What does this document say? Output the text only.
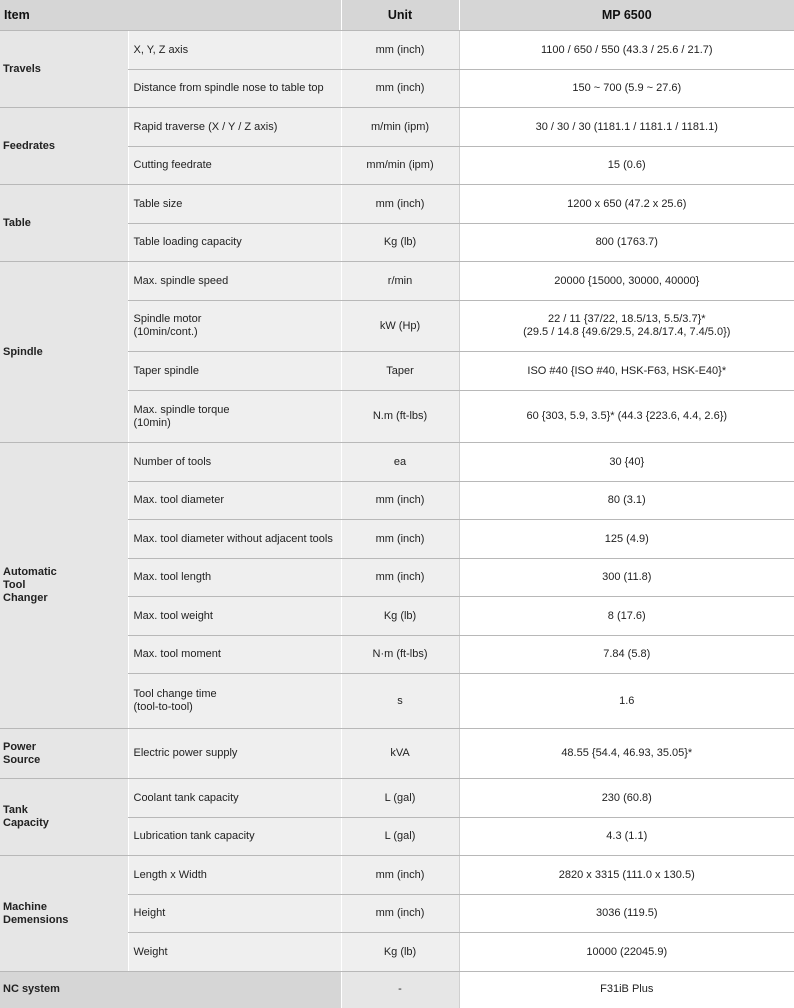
Item		Unit	MP 6500
Travels	X, Y, Z axis	mm (inch)	1100 / 650 / 550 (43.3 / 25.6 / 21.7)
	Distance from spindle nose to table top	mm (inch)	150 ~ 700 (5.9 ~ 27.6)
Feedrates	Rapid traverse (X / Y / Z axis)	m/min (ipm)	30 / 30 / 30 (1181.1 / 1181.1 / 1181.1)
	Cutting feedrate	mm/min (ipm)	15 (0.6)
Table	Table size	mm (inch)	1200 x 650 (47.2 x 25.6)
	Table loading capacity	Kg (lb)	800 (1763.7)
Spindle	Max. spindle speed	r/min	20000 {15000, 30000, 40000}
	Spindle motor
(10min/cont.)	kW (Hp)	22 / 11 {37/22, 18.5/13, 5.5/3.7}*
(29.5 / 14.8 {49.6/29.5, 24.8/17.4, 7.4/5.0})
	Taper spindle	Taper	ISO #40 {ISO #40, HSK-F63, HSK-E40}*
	Max. spindle torque
(10min)	N.m (ft-lbs)	60 {303, 5.9, 3.5}* (44.3 {223.6, 4.4, 2.6})
Automatic
Tool
Changer	Number of tools	ea	30 {40}
	Max. tool diameter	mm (inch)	80 (3.1)
	Max. tool diameter without adjacent tools	mm (inch)	125 (4.9)
	Max. tool length	mm (inch)	300 (11.8)
	Max. tool weight	Kg (lb)	8 (17.6)
	Max. tool moment	N·m (ft-lbs)	7.84 (5.8)
	Tool change time
(tool-to-tool)	s	1.6
Power
Source	Electric power supply	kVA	48.55 {54.4, 46.93, 35.05}*
Tank
Capacity	Coolant tank capacity	L (gal)	230 (60.8)
	Lubrication tank capacity	L (gal)	4.3 (1.1)
Machine
Demensions	Length x Width	mm (inch)	2820 x 3315 (111.0 x 130.5)
	Height	mm (inch)	3036 (119.5)
	Weight	Kg (lb)	10000 (22045.9)
NC system		-	F31iB Plus
